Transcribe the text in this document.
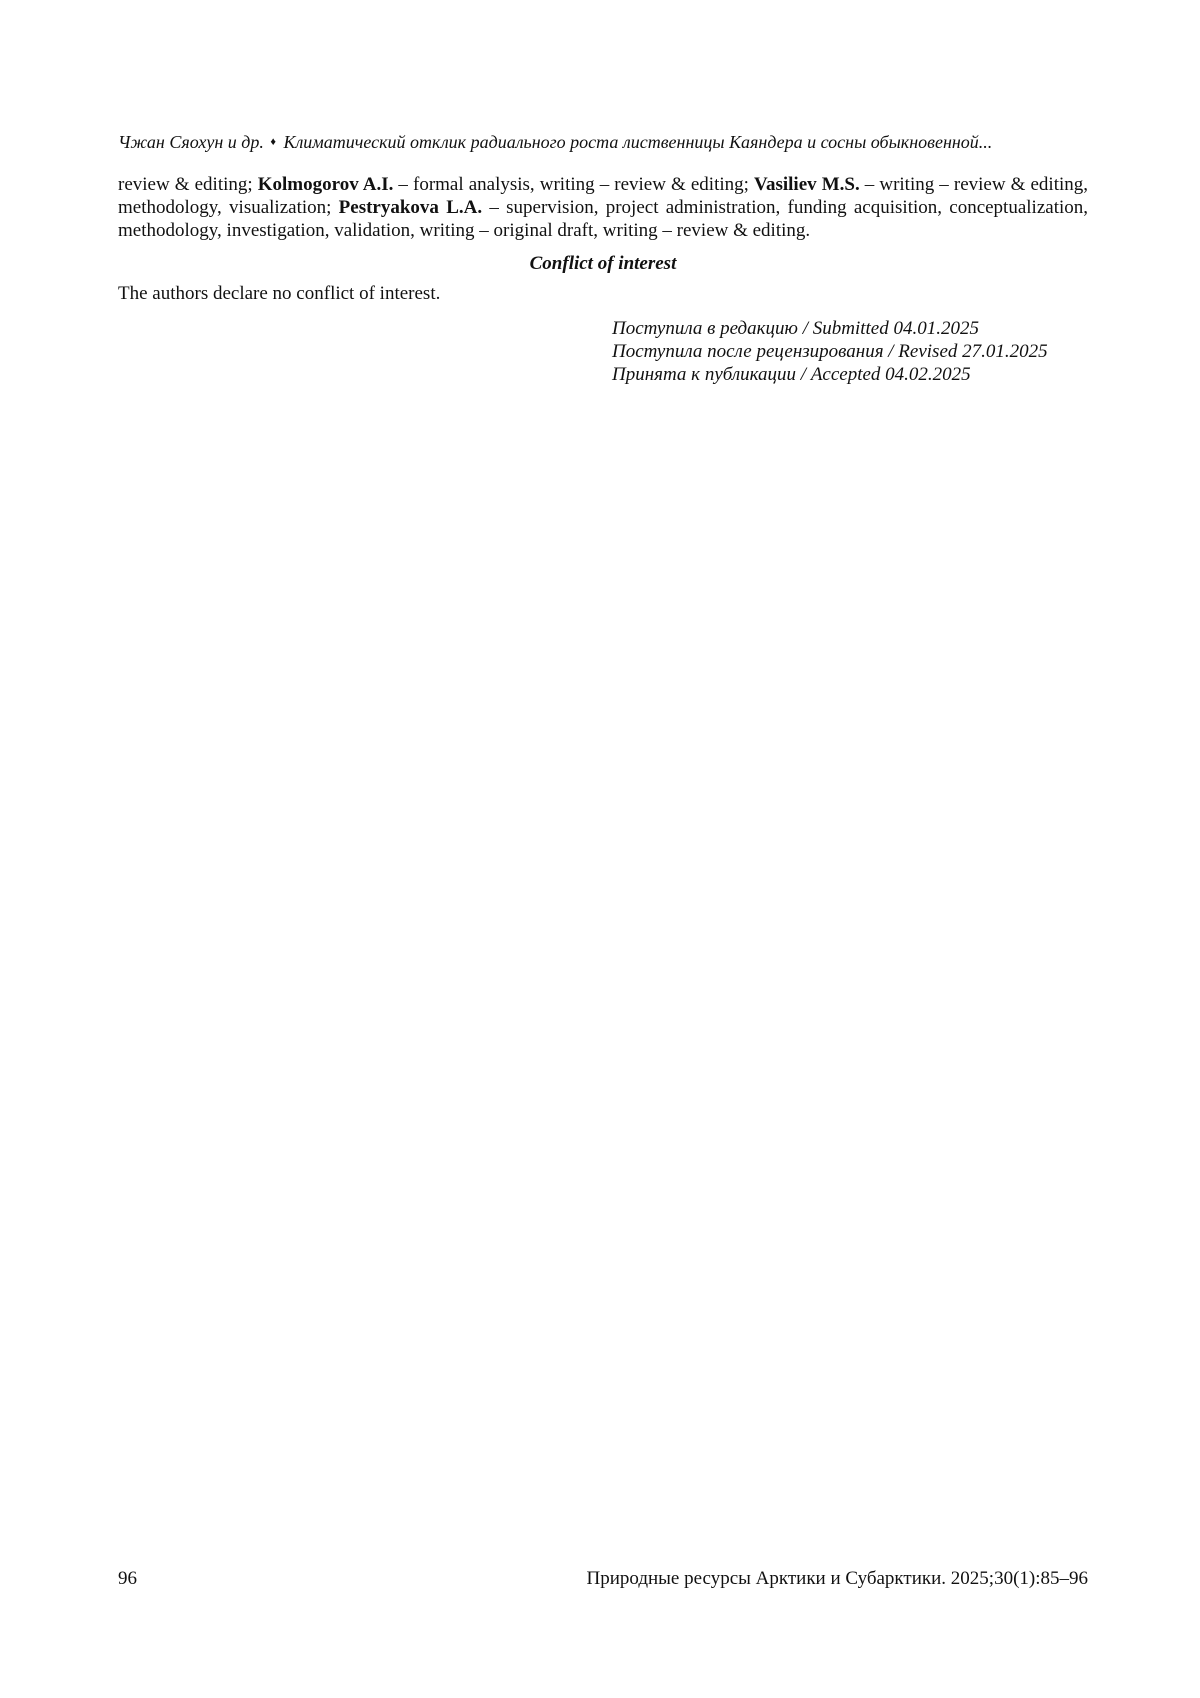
Чжан Сяохун и др. ♦ Климатический отклик радиального роста лиственницы Каяндера и сосны обыкновенной...

review & editing; Kolmogorov A.I. – formal analysis, writing – review & editing; Vasiliev M.S. – writing – review & editing, methodology, visualization; Pestryakova L.A. – supervision, project administration, funding acquisition, conceptualization, methodology, investigation, validation, writing – original draft, writing – review & editing.

Conflict of interest

The authors declare no conflict of interest.

Поступила в редакцию / Submitted 04.01.2025
Поступила после рецензирования / Revised 27.01.2025
Принята к публикации / Accepted 04.02.2025
96	Природные ресурсы Арктики и Субарктики. 2025;30(1):85–96
